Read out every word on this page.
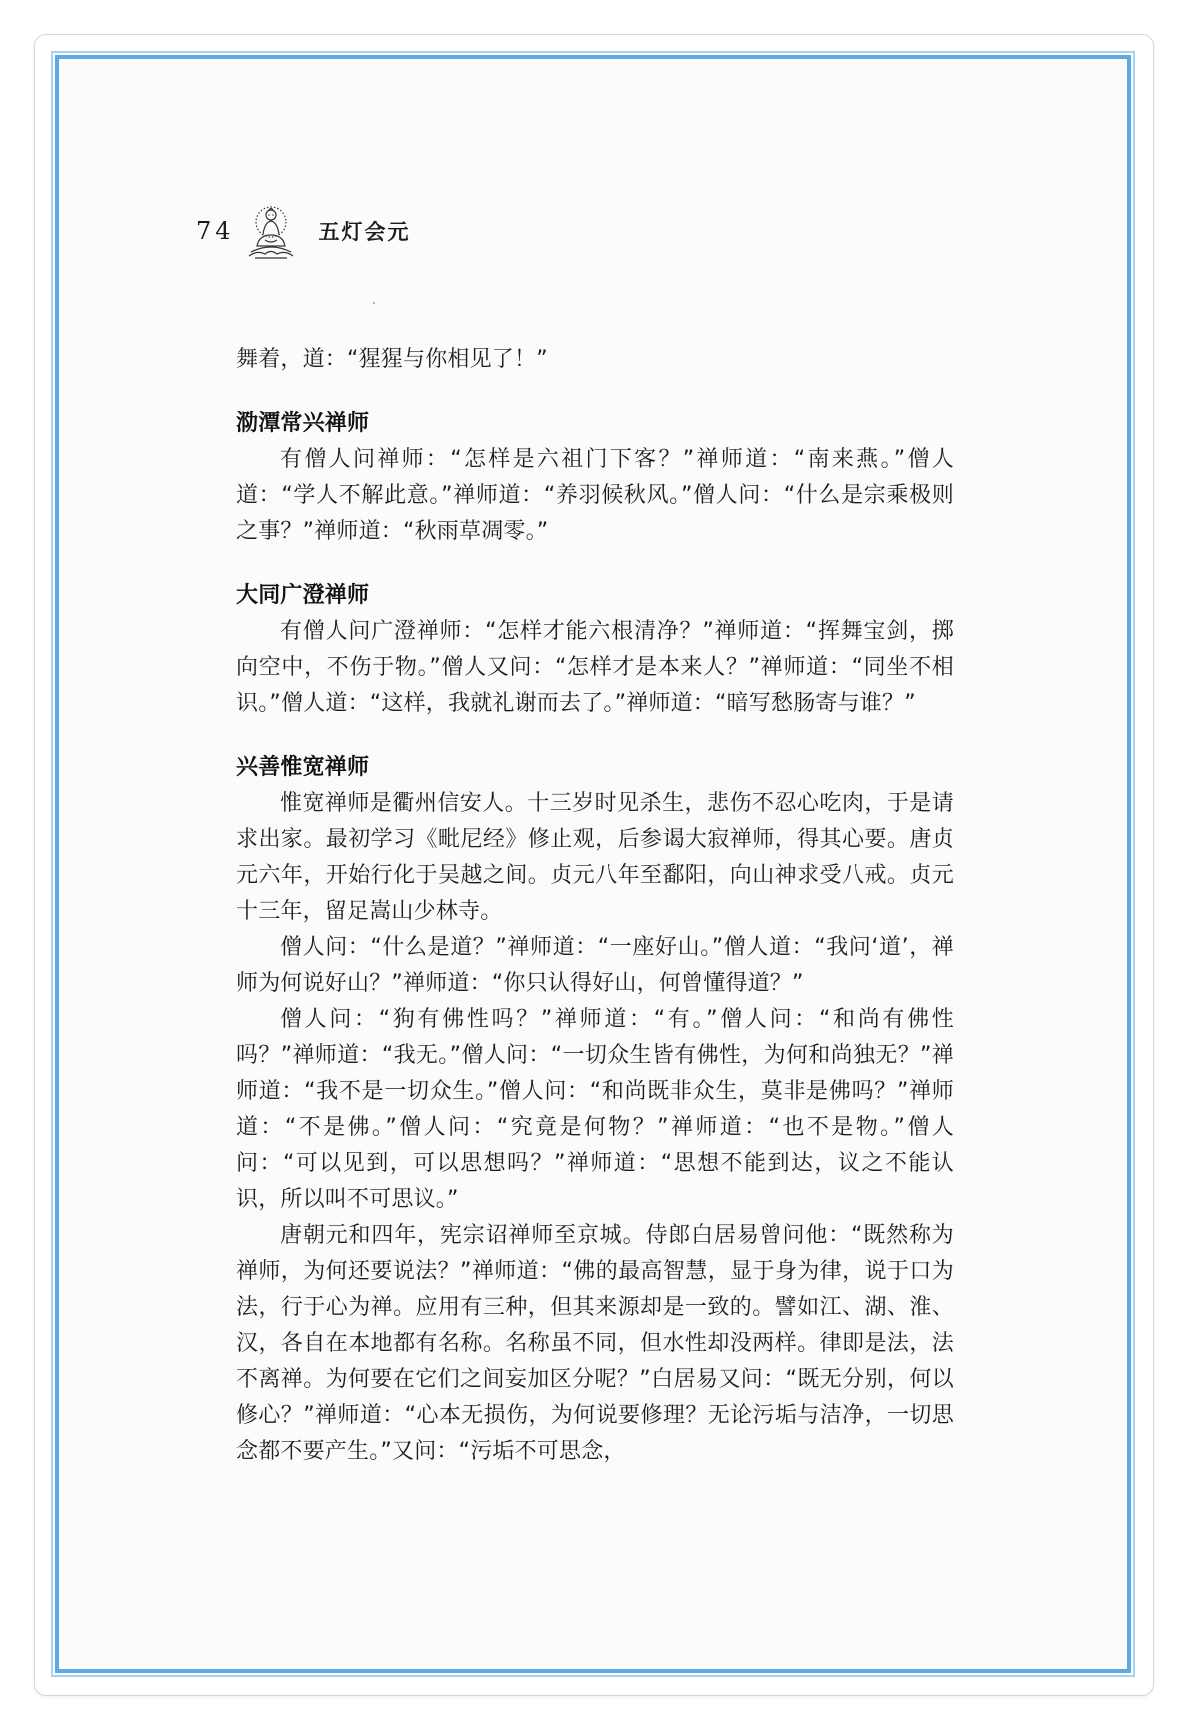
74	五灯会元

舞着，道：“猩猩与你相见了！”

泐潭常兴禅师

有僧人问禅师：“怎样是六祖门下客？”禅师道：“南来燕。”僧人道：“学人不解此意。”禅师道：“养羽候秋风。”僧人问：“什么是宗乘极则之事？”禅师道：“秋雨草凋零。”

大同广澄禅师

有僧人问广澄禅师：“怎样才能六根清净？”禅师道：“挥舞宝剑，掷向空中，不伤于物。”僧人又问：“怎样才是本来人？”禅师道：“同坐不相识。”僧人道：“这样，我就礼谢而去了。”禅师道：“暗写愁肠寄与谁？”

兴善惟宽禅师

惟宽禅师是衢州信安人。十三岁时见杀生，悲伤不忍心吃肉，于是请求出家。最初学习《毗尼经》修止观，后参谒大寂禅师，得其心要。唐贞元六年，开始行化于吴越之间。贞元八年至鄱阳，向山神求受八戒。贞元十三年，留足嵩山少林寺。

僧人问：“什么是道？”禅师道：“一座好山。”僧人道：“我问‘道’，禅师为何说好山？”禅师道：“你只认得好山，何曾懂得道？”

僧人问：“狗有佛性吗？”禅师道：“有。”僧人问：“和尚有佛性吗？”禅师道：“我无。”僧人问：“一切众生皆有佛性，为何和尚独无？”禅师道：“我不是一切众生。”僧人问：“和尚既非众生，莫非是佛吗？”禅师道：“不是佛。”僧人问：“究竟是何物？”禅师道：“也不是物。”僧人问：“可以见到，可以思想吗？”禅师道：“思想不能到达，议之不能认识，所以叫不可思议。”

唐朝元和四年，宪宗诏禅师至京城。侍郎白居易曾问他：“既然称为禅师，为何还要说法？”禅师道：“佛的最高智慧，显于身为律，说于口为法，行于心为禅。应用有三种，但其来源却是一致的。譬如江、湖、淮、汉，各自在本地都有名称。名称虽不同，但水性却没两样。律即是法，法不离禅。为何要在它们之间妄加区分呢？”白居易又问：“既无分别，何以修心？”禅师道：“心本无损伤，为何说要修理？无论污垢与洁净，一切思念都不要产生。”又问：“污垢不可思念，
